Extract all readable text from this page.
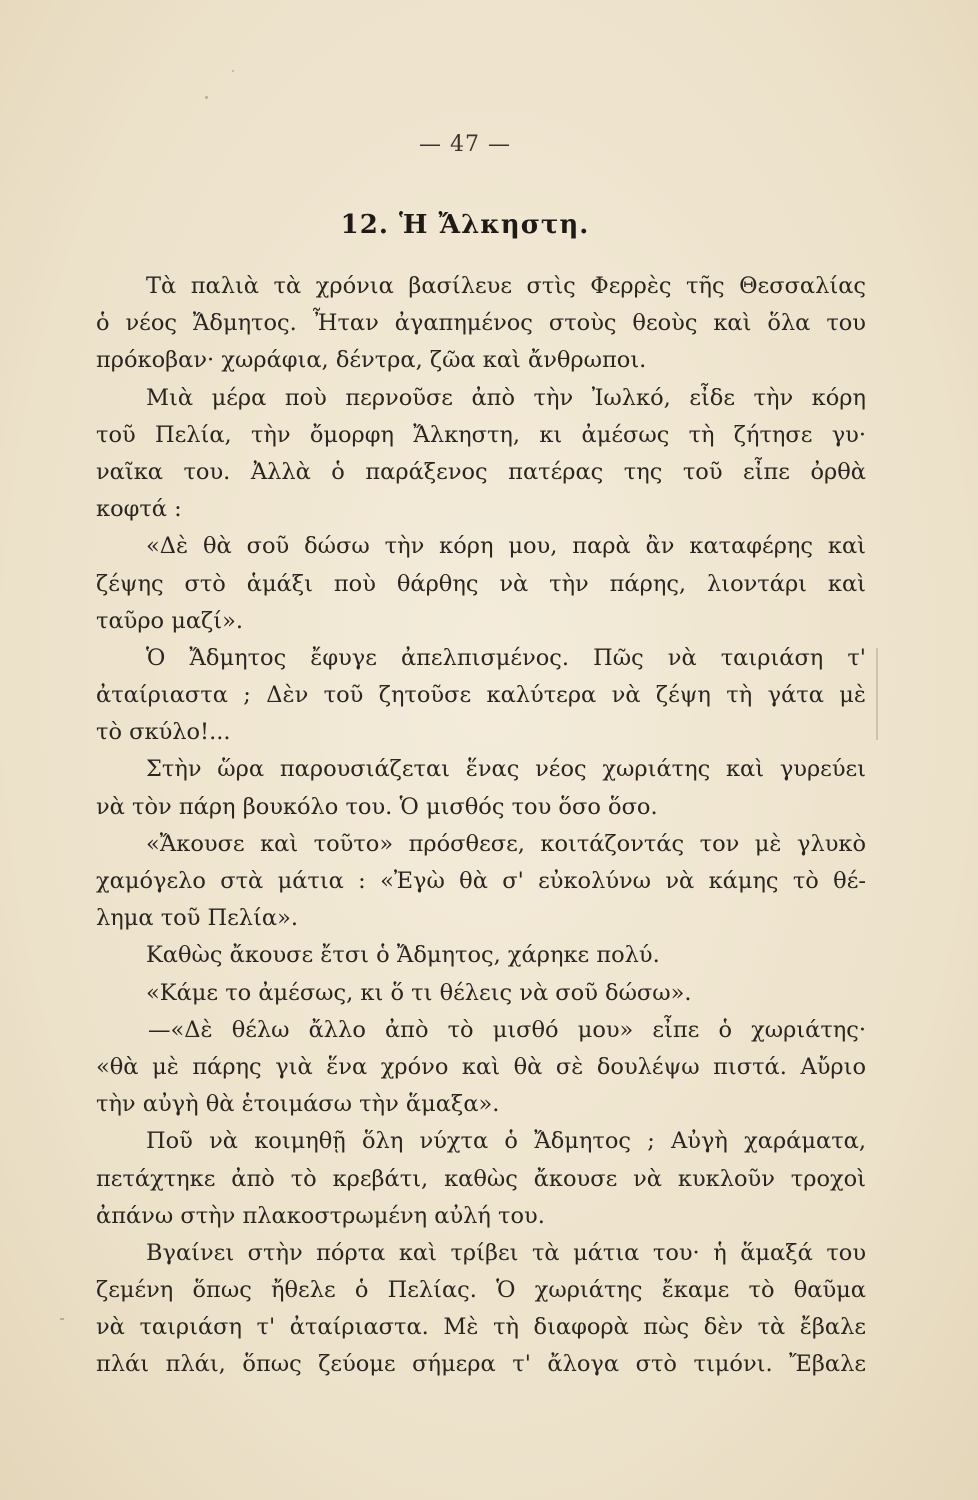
— 47 —
12. Ἡ Ἄλκηστη.
Τὰ παλιὰ τὰ χρόνια βασίλευε στὶς Φερρὲς τῆς Θεσσαλίας
ὁ νέος Ἄδμητος. Ἦταν ἀγαπημένος στοὺς θεοὺς καὶ ὅλα του
πρόκοβαν· χωράφια, δέντρα, ζῶα καὶ ἄνθρωποι.
Μιὰ μέρα ποὺ περνοῦσε ἀπὸ τὴν Ἰωλκό, εἶδε τὴν κόρη
τοῦ Πελία, τὴν ὄμορφη Ἄλκηστη, κι ἀμέσως τὴ ζήτησε γυ·
ναῖκα του. Ἀλλὰ ὁ παράξενος πατέρας της τοῦ εἶπε ὀρθὰ
κοφτά :
«Δὲ θὰ σοῦ δώσω τὴν κόρη μου, παρὰ ἂν καταφέρης καὶ
ζέψης στὸ ἁμάξι ποὺ θάρθης νὰ τὴν πάρης, λιοντάρι καὶ
ταῦρο μαζί».
Ὁ Ἄδμητος ἔφυγε ἀπελπισμένος. Πῶς νὰ ταιριάση τ'
ἀταίριαστα ; Δὲν τοῦ ζητοῦσε καλύτερα νὰ ζέψη τὴ γάτα μὲ
τὸ σκύλο!...
Στὴν ὥρα παρουσιάζεται ἕνας νέος χωριάτης καὶ γυρεύει
νὰ τὸν πάρη βουκόλο του. Ὁ μισθός του ὅσο ὅσο.
«Ἄκουσε καὶ τοῦτο» πρόσθεσε, κοιτάζοντάς τον μὲ γλυκὸ
χαμόγελο στὰ μάτια : «Ἐγὼ θὰ σ' εὐκολύνω νὰ κάμης τὸ θέ-
λημα τοῦ Πελία».
Καθὼς ἄκουσε ἔτσι ὁ Ἄδμητος, χάρηκε πολύ.
«Κάμε το ἀμέσως, κι ὅ τι θέλεις νὰ σοῦ δώσω».
—«Δὲ θέλω ἄλλο ἀπὸ τὸ μισθό μου» εἶπε ὁ χωριάτης·
«θὰ μὲ πάρης γιὰ ἕνα χρόνο καὶ θὰ σὲ δουλέψω πιστά. Αὔριο
τὴν αὐγὴ θὰ ἑτοιμάσω τὴν ἅμαξα».
Ποῦ νὰ κοιμηθῇ ὅλη νύχτα ὁ Ἄδμητος ; Αὐγὴ χαράματα,
πετάχτηκε ἀπὸ τὸ κρεβάτι, καθὼς ἄκουσε νὰ κυκλοῦν τροχοὶ
ἀπάνω στὴν πλακοστρωμένη αὐλή του.
Βγαίνει στὴν πόρτα καὶ τρίβει τὰ μάτια του· ἡ ἅμαξά του
ζεμένη ὅπως ἤθελε ὁ Πελίας. Ὁ χωριάτης ἔκαμε τὸ θαῦμα
νὰ ταιριάση τ' ἀταίριαστα. Μὲ τὴ διαφορὰ πὼς δὲν τὰ ἔβαλε
πλάι πλάι, ὅπως ζεύομε σήμερα τ' ἄλογα στὸ τιμόνι. Ἔβαλε
